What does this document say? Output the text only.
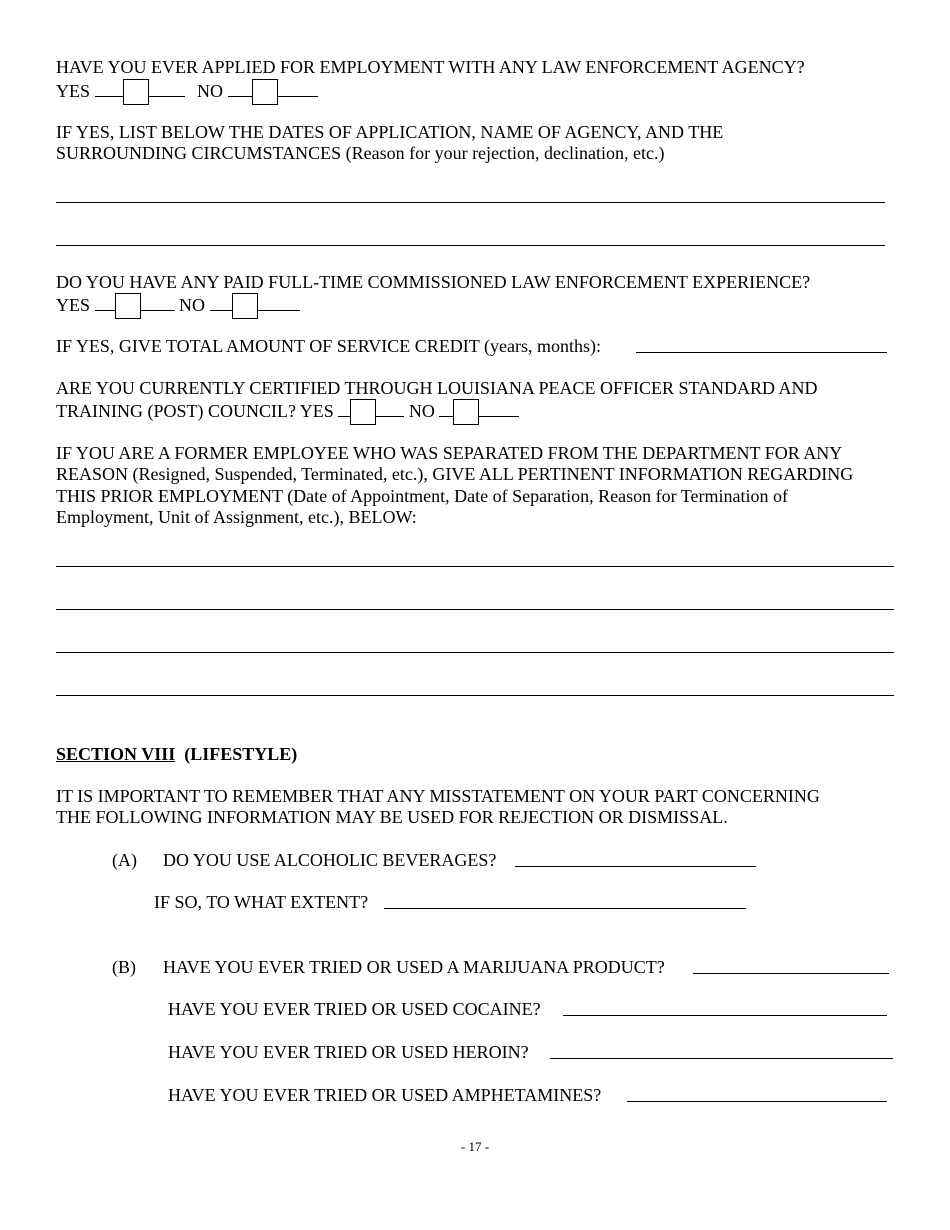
HAVE YOU EVER APPLIED FOR EMPLOYMENT WITH ANY LAW ENFORCEMENT AGENCY?
YES	NO
IF YES, LIST BELOW THE DATES OF APPLICATION, NAME OF AGENCY, AND THE
SURROUNDING CIRCUMSTANCES (Reason for your rejection, declination, etc.)
DO YOU HAVE ANY PAID FULL-TIME COMMISSIONED LAW ENFORCEMENT EXPERIENCE?
YES	NO
IF YES, GIVE TOTAL AMOUNT OF SERVICE CREDIT (years, months):
ARE YOU CURRENTLY CERTIFIED THROUGH LOUISIANA PEACE OFFICER STANDARD AND
TRAINING (POST) COUNCIL? YES	NO
IF YOU ARE A FORMER EMPLOYEE WHO WAS SEPARATED FROM THE DEPARTMENT FOR ANY
REASON (Resigned, Suspended, Terminated, etc.), GIVE ALL PERTINENT INFORMATION REGARDING
THIS PRIOR EMPLOYMENT (Date of Appointment, Date of Separation, Reason for Termination of
Employment, Unit of Assignment, etc.), BELOW:
SECTION VIII (LIFESTYLE)
IT IS IMPORTANT TO REMEMBER THAT ANY MISSTATEMENT ON YOUR PART CONCERNING
THE FOLLOWING INFORMATION MAY BE USED FOR REJECTION OR DISMISSAL.
(A) DO YOU USE ALCOHOLIC BEVERAGES?
IF SO, TO WHAT EXTENT?
(B) HAVE YOU EVER TRIED OR USED A MARIJUANA PRODUCT?
HAVE YOU EVER TRIED OR USED COCAINE?
HAVE YOU EVER TRIED OR USED HEROIN?
HAVE YOU EVER TRIED OR USED AMPHETAMINES?
- 17 -
